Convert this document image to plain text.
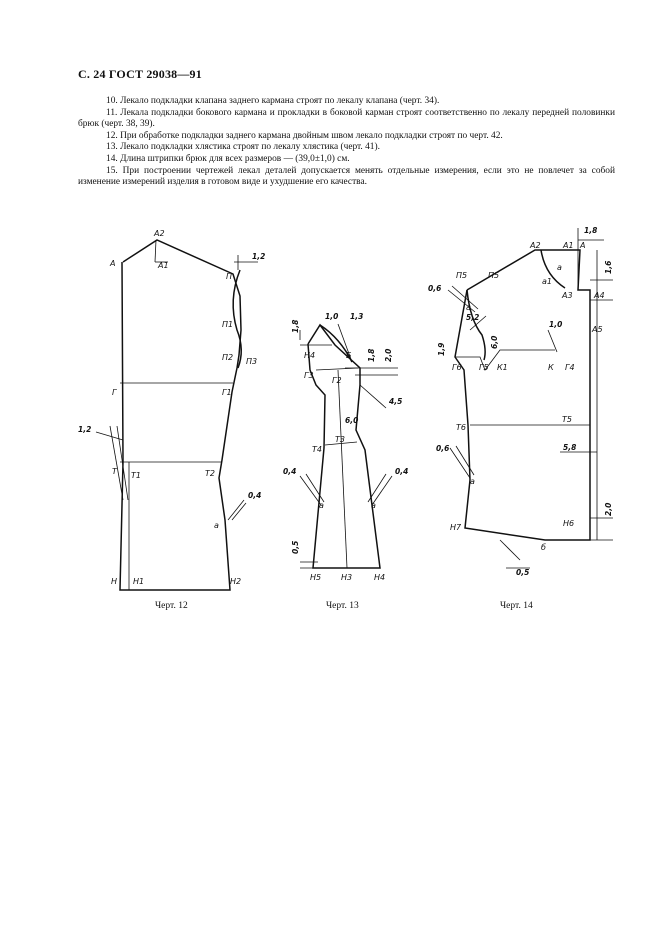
С. 24 ГОСТ 29038—91

10. Лекало подкладки клапана заднего кармана строят по лекалу клапана (черт. 34).

11. Лекала подкладки бокового кармана и прокладки в боковой карман строят соответственно по лекалу передней половинки брюк (черт. 38, 39).

12. При обработке подкладки заднего кармана двойным швом лекало подкладки строят по черт. 42.

13. Лекало подкладки хлястика строят по лекалу хлястика (черт. 41).

14. Длина штрипки брюк для всех размеров — (39,0±1,0) см.

15. При построении чертежей лекал деталей допускается менять отдельные измерения, если это не повлечет за собой изменение измерений изделия в готовом виде и ухудшение его качества.

А
А2
А1
П
П1
П2 П3
Г	Г1
Т Т1	Т2
а
Н Н1	Н2
1,2
1,2
0,4
Н4	Б
Г3
Г2
Т4
Т3
а	а
Н5 Н3	Н4
1,0 1,3
1,8
1,8 2,0
4,5
6,0
0,4	0,4
0,5
А2	А1 А
П5	П5
а
а1
А3	А4
а
А5
Г6 Г5 К1	К Г4
Т6
Т5
а
Н7	Н6
б
1,8
1,6
0,6
5,2
1,0
6,0
1,9
5,8
0,6
2,0
0,5
Черт. 12	Черт. 13	Черт. 14
